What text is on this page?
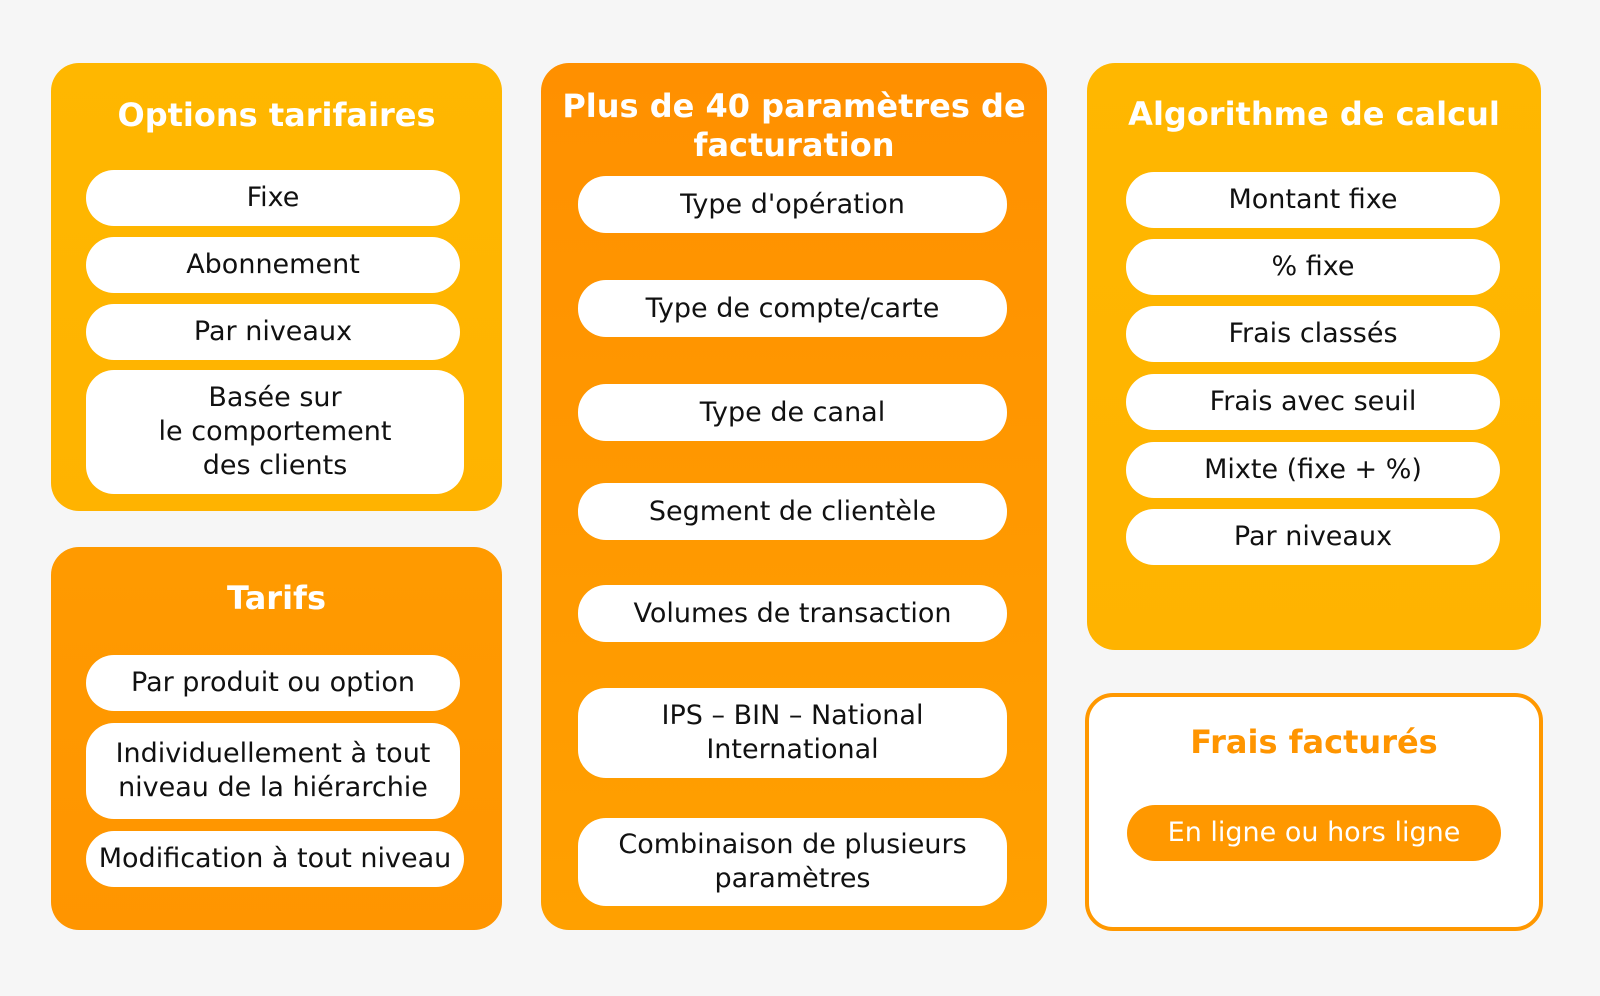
Options tarifaires
Fixe
Abonnement
Par niveaux
Basée sur
le comportement
des clients
Tarifs
Par produit ou option
Individuellement à tout
niveau de la hiérarchie
Modification à tout niveau
Plus de 40 paramètres de
facturation
Type d'opération
Type de compte/carte
Type de canal
Segment de clientèle
Volumes de transaction
IPS – BIN – National
International
Combinaison de plusieurs
paramètres
Algorithme de calcul
Montant fixe
% fixe
Frais classés
Frais avec seuil
Mixte (fixe + %)
Par niveaux
Frais facturés
En ligne ou hors ligne
